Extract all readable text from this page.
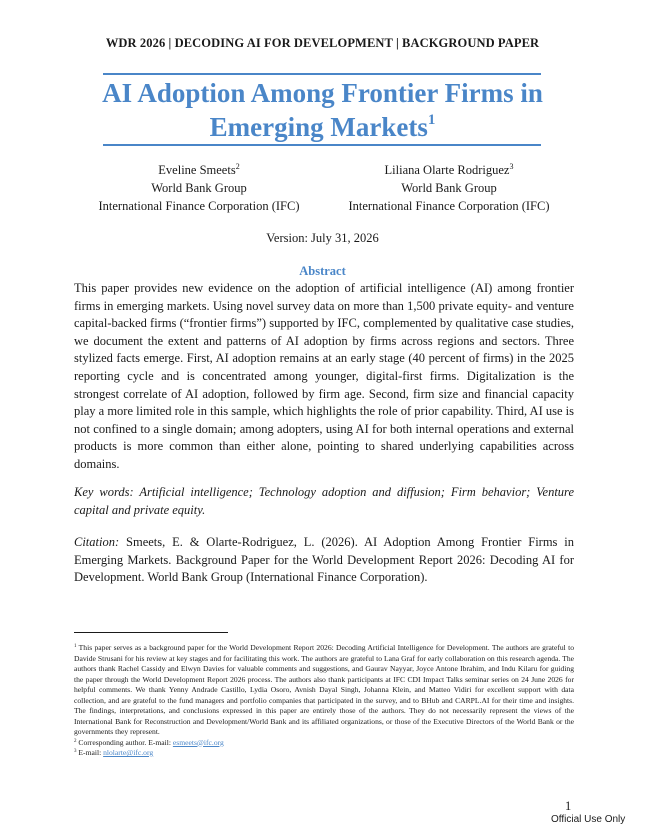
WDR 2026 | DECODING AI FOR DEVELOPMENT | BACKGROUND PAPER
AI Adoption Among Frontier Firms in
Emerging Markets$^1$
Eveline Smeets$^2$
World Bank Group
International Finance Corporation (IFC)
Liliana Olarte Rodriguez$^3$
World Bank Group
International Finance Corporation (IFC)
Version: July 31, 2026
Abstract
This paper provides new evidence on the adoption of artificial intelligence (AI) among frontier firms in emerging markets. Using novel survey data on more than 1,500 private equity- and venture capital-backed firms (“frontier firms”) supported by IFC, complemented by qualitative case studies, we document the extent and patterns of AI adoption by firms across regions and sectors. Three stylized facts emerge. First, AI adoption remains at an early stage (40 percent of firms) in the 2025 reporting cycle and is concentrated among younger, digital-first firms. Digitalization is the strongest correlate of AI adoption, followed by firm age. Second, firm size and financial capacity play a more limited role in this sample, which highlights the role of prior capability. Third, AI use is not confined to a single domain; among adopters, using AI for both internal operations and external products is more common than either alone, pointing to shared underlying capabilities across domains.
Key words: Artificial intelligence; Technology adoption and diffusion; Firm behavior; Venture capital and private equity.
Citation: Smeets, E. & Olarte-Rodriguez, L. (2026). AI Adoption Among Frontier Firms in Emerging Markets. Background Paper for the World Development Report 2026: Decoding AI for Development. World Bank Group (International Finance Corporation).

$^1$ This paper serves as a background paper for the World Development Report 2026: Decoding Artificial Intelligence for Development. The authors are grateful to Davide Strusani for his review at key stages and for facilitating this work. The authors are grateful to Lana Graf for early collaboration on this research agenda. The authors thank Rachel Cassidy and Elwyn Davies for valuable comments and suggestions, and Gaurav Nayyar, Joyce Antone Ibrahim, and Indu Kilaru for guiding the paper through the World Development Report 2026 process. The authors also thank participants at IFC CDI Impact Talks seminar series on 24 June 2026 for helpful comments. We thank Yenny Andrade Castillo, Lydia Osoro, Avnish Dayal Singh, Johanna Klein, and Matteo Vidiri for excellent support with data collection, and are grateful to the fund managers and portfolio companies that participated in the survey, and to BHub and CARPL.AI for their time and insights. The findings, interpretations, and conclusions expressed in this paper are entirely those of the authors. They do not necessarily represent the views of the International Bank for Reconstruction and Development/World Bank and its affiliated organizations, or those of the Executive Directors of the World Bank or the governments they represent.

$^2$ Corresponding author. E-mail: esmeets@ifc.org

$^3$ E-mail: nlolarte@ifc.org

1
Official Use Only
